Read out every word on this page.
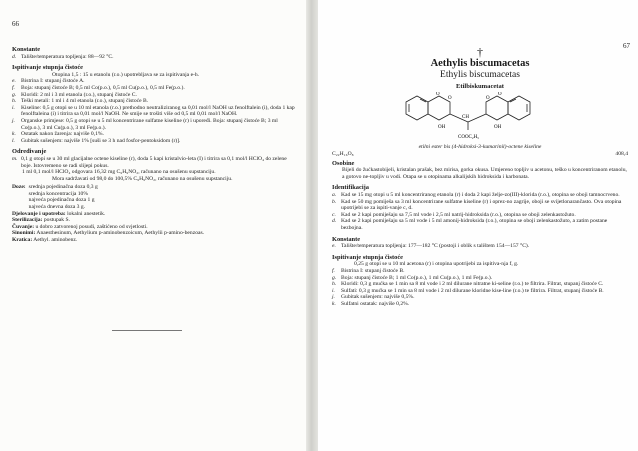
66

Konstante

d. Talište/temperatura topljenja: 88—92 °C.

Ispitivanje stupnja čistoće

Otopina 1,5 : 15 u etanolu (r.o.) upotrebljava se za ispitivanja e-h.

e. Bistrina I: stupanj čistoće A.
f.	Boja: stupanj čistoće B; 0,5 ml Co(p.o.), 0,5 ml Cu(p.o.), 0,5 ml Fe(p.o.).
g. Kloridi: 2 ml i 3 ml etanola (r.o.), stupanj čistoće C.
h. Teški metali: 1 ml i 4 ml etanola (r.o.), stupanj čistoće B.
i.	Kiseline: 0,5 g otopi se u 10 ml etanola (r.o.) prethodno neutraliziranog sa 0,01 mol/l NaOH uz fenolftalein (i), doda 1 kap fenolftaleina (i) i titrira sa 0,01 mol/l NaOH. Ne smije se trošiti više od 0,5 ml 0,01 mol/l NaOH.
j.	Organske primjese: 0,5 g otopi se u 5 ml koncentrirane sulfatne kiseline (r) i upoređi. Boja: stupanj čistoće B; 3 ml Co(p.o.), 3 ml Cu(p.o.), 3 ml Fe(p.o.).
k. Ostatak nakon žarenja: najviše 0,1%.
l.	Gubitak sušenjem: najviše 1% [suši se 3 h nad fosfor-pentoksidom (r)].

Određivanje

m. 0,1 g otopi se u 30 ml glacijalne octene kiseline (r), doda 5 kapi kristalvio-leta (I) i titrira sa 0,1 mol/l HClO₄ do zelene boje. Istovremeno se radi slijepi pokus.

1 ml 0,1 mol/l HClO₄ odgovara 16,32 mg C₉H₉NO₂, računano na osušenu supstanciju.

Mora sadržavati od 98,0 do 100,5% C₉H₉NO₂, računano na osušenu supstanciju.

Doze: srednja pojedinačna doza 0,3 g
srednja koncentracija 10%
najveća pojedinačna doza 1 g
najveća dnevna doza 3 g.

Djelovanje i upotreba: lokalni anestetik.

Sterilizacija: postupak S.

Čuvanje: u dobro zatvorenoj posudi, zaštićeno od svjetlosti.

Sinonimi: Anaesthesinum, Aethylium p-aminobenzoicum, Aethylii p-amino-benzoas.

Kratica: Aethyl. aminobenz.

67
†
Aethylis biscumacetas
Ethylis biscumacetas
Etilbiskumacetat
O
O
O
O
OH
CH
OH
COOC₂H₅
etilni ester bis (4-hidroksi-3-kumarinil)-octene kiseline
C₂₂H₁₆O₈	408,4

Osobine

Bijeli do žućkastobijeli, kristalan prašak, bez mirisa, gorka okusa. Umjereno topljiv u acetonu, teško u koncentriranom etanolu, a gotovo ne-topljiv u vodi. Otapa se u otopinama alkalijskih hidroksida i karbonata.

Identifikacija

a. Kad se 15 mg otopi u 5 ml koncentriranog etanola (r) i doda 2 kapi želje-zo(III)-klorida (r.o.), otopina se oboji tamnocrveno.
b. Kad se 50 mg pomiješa sa 3 ml koncentrirane sulfatne kiseline (r) i oprez-no zagrije, oboji se svijetlonarančasto. Ova otopina upotrijebi se za ispiti-vanje c, d.
c. Kad se 2 kapi pomiješaju sa 7,5 ml vode i 2,5 ml natrij-hidroksida (r.o.), otopina se oboji zelenkastožuto.
d. Kad se 2 kapi pomiješaju sa 5 ml vode i 5 ml amonij-hidroksida (r.o.), otopina se oboji zelenkastožuto, a zatim postane bezbojna.

Konstante

e. Talište/temperatura topljenja: 177—182 °C (postoji i oblik s talištem 154—157 °C).

Ispitivanje stupnja čistoće

0,25 g otopi se u 10 ml acetona (r) i otopina upotrijebi za ispitiva-nja f, g.

f.	Bistrina I: stupanj čistoće B.
g. Boja: stupanj čistoće B; 1 ml Co(p.o.), 1 ml Cu(p.o.), 1 ml Fe(p.o.).
h. Kloridi: 0,3 g mućka se 1 min sa 8 ml vode i 2 ml dilurane nitratne ki-seline (r.o.) te filtrira. Filtrat, stupanj čistoće C.
i.	Sulfati: 0,3 g mućka se 1 min sa 8 ml vode i 2 ml dilurane kloridne kise-line (r.o.) te filtrira. Filtrat, stupanj čistoće B.
j.	Gubitak sušenjem: najviše 0,5%.
k. Sulfatni ostatak: najviše 0,2%.
